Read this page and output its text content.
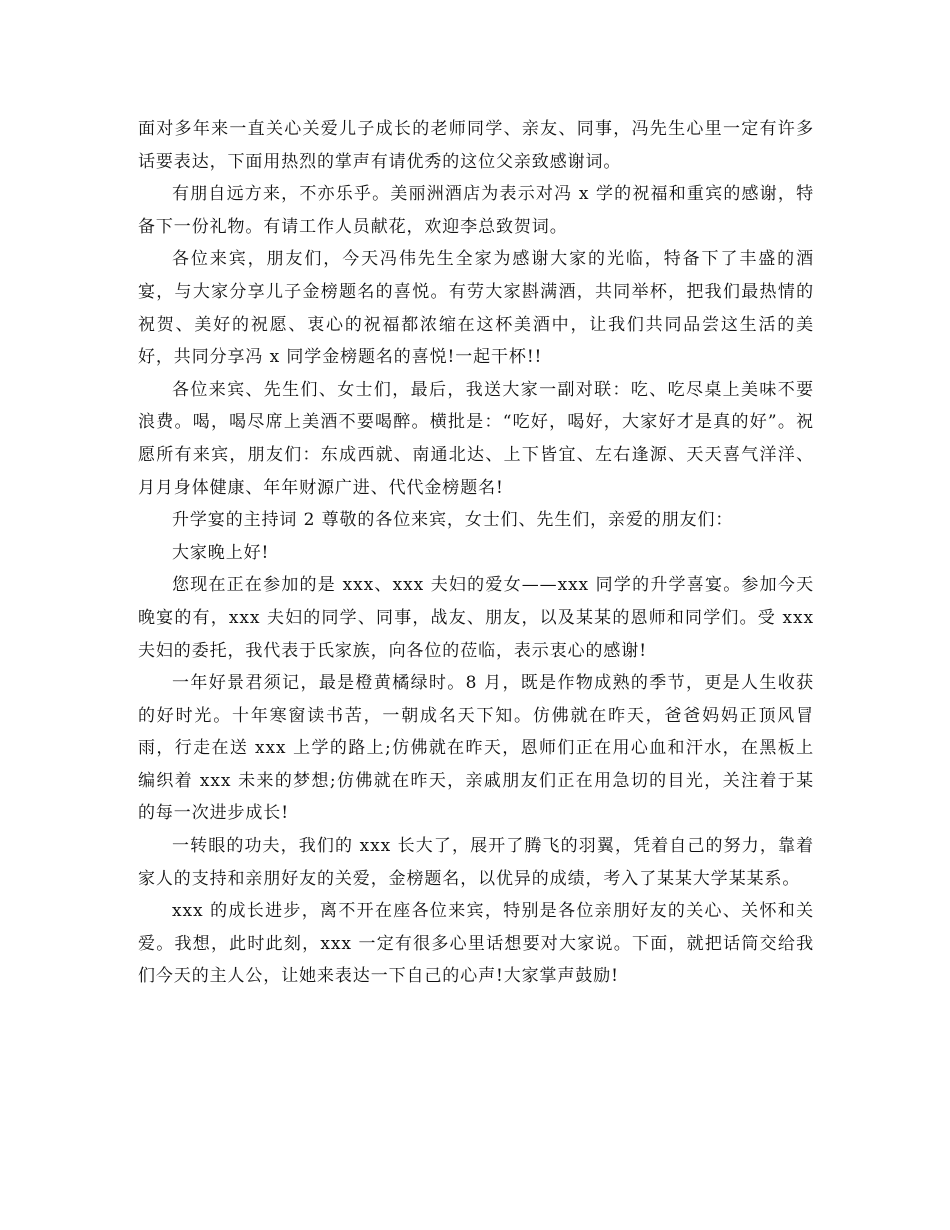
面对多年来一直关心关爱儿子成长的老师同学、亲友、同事，冯先生心里一定有许多话要表达，下面用热烈的掌声有请优秀的这位父亲致感谢词。

有朋自远方来，不亦乐乎。美丽洲酒店为表示对冯 x 学的祝福和重宾的感谢，特备下一份礼物。有请工作人员献花，欢迎李总致贺词。

各位来宾，朋友们，今天冯伟先生全家为感谢大家的光临，特备下了丰盛的酒宴，与大家分享儿子金榜题名的喜悦。有劳大家斟满酒，共同举杯，把我们最热情的祝贺、美好的祝愿、衷心的祝福都浓缩在这杯美酒中，让我们共同品尝这生活的美好，共同分享冯 x 同学金榜题名的喜悦!一起干杯!!

各位来宾、先生们、女士们，最后，我送大家一副对联：吃、吃尽桌上美味不要浪费。喝，喝尽席上美酒不要喝醉。横批是：“吃好，喝好，大家好才是真的好”。祝愿所有来宾，朋友们：东成西就、南通北达、上下皆宜、左右逢源、天天喜气洋洋、月月身体健康、年年财源广进、代代金榜题名!

升学宴的主持词 2 尊敬的各位来宾，女士们、先生们，亲爱的朋友们：

大家晚上好!

您现在正在参加的是 xxx、xxx 夫妇的爱女——xxx 同学的升学喜宴。参加今天晚宴的有，xxx 夫妇的同学、同事，战友、朋友，以及某某的恩师和同学们。受 xxx 夫妇的委托，我代表于氏家族，向各位的莅临，表示衷心的感谢!

一年好景君须记，最是橙黄橘绿时。8 月，既是作物成熟的季节，更是人生收获的好时光。十年寒窗读书苦，一朝成名天下知。仿佛就在昨天，爸爸妈妈正顶风冒雨，行走在送 xxx 上学的路上;仿佛就在昨天，恩师们正在用心血和汗水，在黑板上编织着 xxx 未来的梦想;仿佛就在昨天，亲戚朋友们正在用急切的目光，关注着于某的每一次进步成长!

一转眼的功夫，我们的 xxx 长大了，展开了腾飞的羽翼，凭着自己的努力，靠着家人的支持和亲朋好友的关爱，金榜题名，以优异的成绩，考入了某某大学某某系。

xxx 的成长进步，离不开在座各位来宾，特别是各位亲朋好友的关心、关怀和关爱。我想，此时此刻，xxx 一定有很多心里话想要对大家说。下面，就把话筒交给我们今天的主人公，让她来表达一下自己的心声!大家掌声鼓励!
